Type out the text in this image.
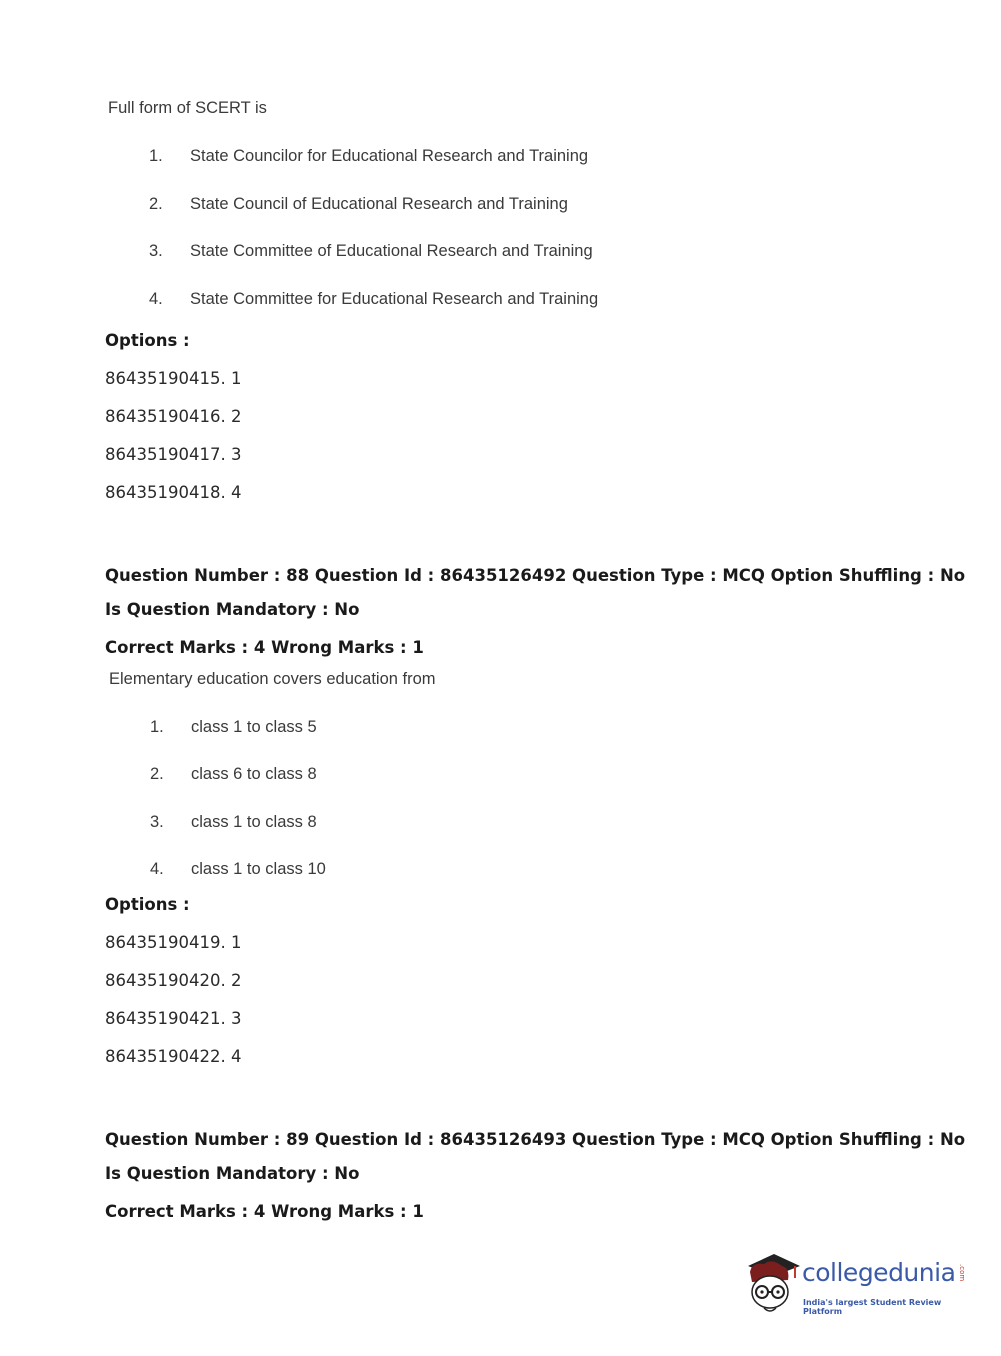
Full form of SCERT is
1. State Councilor for Educational Research and Training
2. State Council of Educational Research and Training
3. State Committee of Educational Research and Training
4. State Committee for Educational Research and Training
Options :
86435190415. 1
86435190416. 2
86435190417. 3
86435190418. 4
Question Number : 88 Question Id : 86435126492 Question Type : MCQ Option Shuffling : No
Is Question Mandatory : No
Correct Marks : 4 Wrong Marks : 1
Elementary education covers education from
1. class 1 to class 5
2. class 6 to class 8
3. class 1 to class 8
4. class 1 to class 10
Options :
86435190419. 1
86435190420. 2
86435190421. 3
86435190422. 4
Question Number : 89 Question Id : 86435126493 Question Type : MCQ Option Shuffling : No
Is Question Mandatory : No
Correct Marks : 4 Wrong Marks : 1
collegedunia .com
India's largest Student Review Platform
